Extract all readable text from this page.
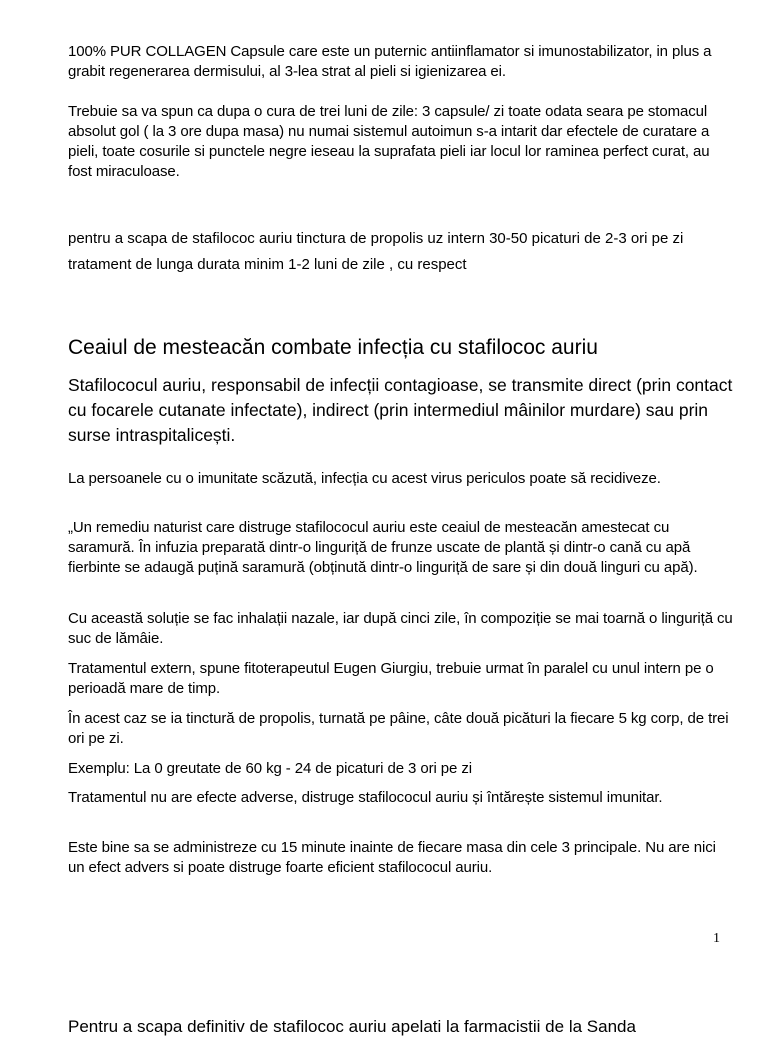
100% PUR COLLAGEN Capsule care este un puternic antiinflamator si imunostabilizator, in plus a grabit regenerarea dermisului, al 3-lea strat al pieli si igienizarea ei.

Trebuie sa va spun ca dupa o cura de trei luni de zile: 3 capsule/ zi toate odata seara pe stomacul absolut gol ( la 3 ore dupa masa) nu numai sistemul autoimun s-a intarit dar efectele de curatare a pieli, toate cosurile si punctele negre ieseau la suprafata pieli iar locul lor raminea perfect curat, au fost miraculoase.

pentru a scapa de stafilococ auriu tinctura de propolis uz intern 30-50 picaturi de 2-3 ori pe zi tratament de lunga durata minim 1-2 luni de zile , cu respect

Ceaiul de mesteacăn combate infecția cu stafilococ auriu

Stafilococul auriu, responsabil de infecții contagioase, se transmite direct (prin contact cu focarele cutanate infectate), indirect (prin intermediul mâinilor murdare) sau prin surse intraspitalicești.

La persoanele cu o imunitate scăzută, infecția cu acest virus periculos poate să recidiveze.

„Un remediu naturist care distruge stafilococul auriu este ceaiul de mesteacăn amestecat cu saramură. În infuzia preparată dintr-o linguriță de frunze uscate de plantă și dintr-o cană cu apă fierbinte se adaugă puțină saramură (obținută dintr-o linguriță de sare și din două linguri cu apă).

Cu această soluție se fac inhalații nazale, iar după cinci zile, în compoziție se mai toarnă o linguriță cu suc de lămâie.

Tratamentul extern, spune fitoterapeutul Eugen Giurgiu, trebuie urmat în paralel cu unul intern pe o perioadă mare de timp.

În acest caz se ia tinctură de propolis, turnată pe pâine, câte două picături la fiecare 5 kg corp, de trei ori pe zi.

Exemplu: La 0 greutate de 60 kg - 24 de picaturi de 3 ori pe zi

Tratamentul nu are efecte adverse, distruge stafilococul auriu și întărește sistemul imunitar.

Este bine sa se administreze cu 15 minute inainte de fiecare masa din cele 3 principale. Nu are nici un efect advers si poate distruge foarte eficient stafilococul auriu.

1
Pentru a scapa definitiv de stafilococ auriu apelati la farmacistii de la Sanda
